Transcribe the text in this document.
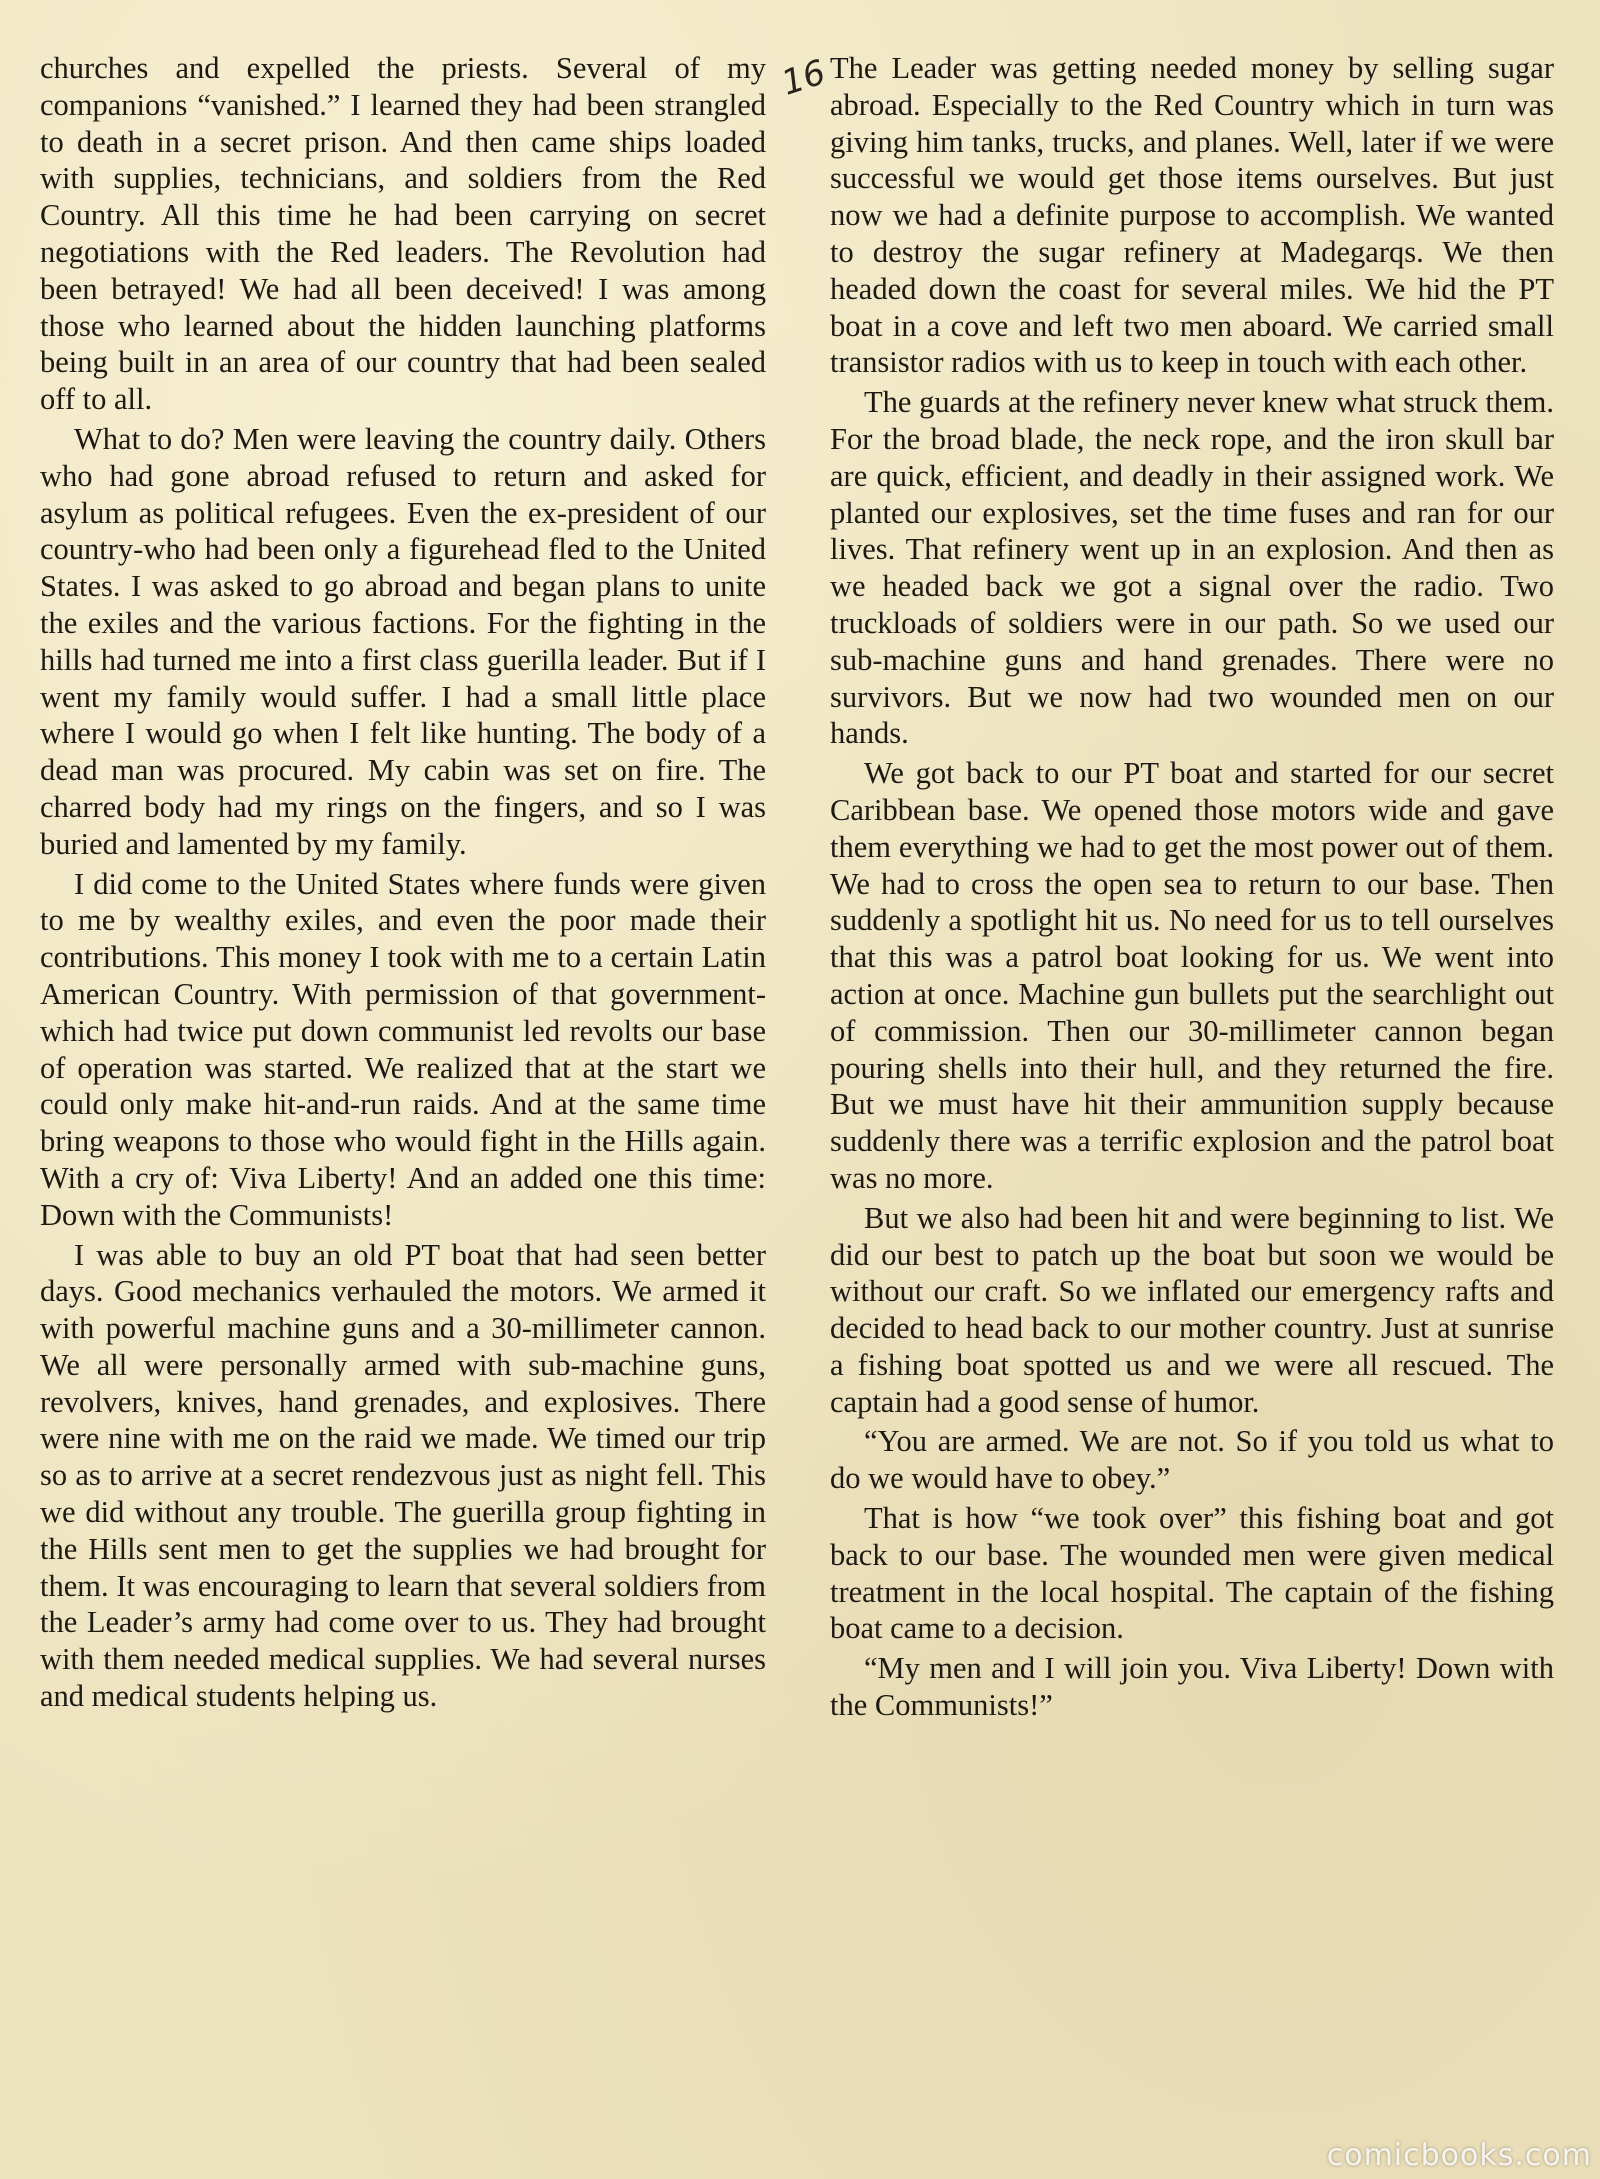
16

churches and expelled the priests. Several of my companions “vanished.” I learned they had been strangled to death in a secret prison. And then came ships loaded with supplies, technicians, and soldiers from the Red Country. All this time he had been carrying on secret negotiations with the Red leaders. The Revolution had been betrayed! We had all been deceived! I was among those who learned about the hidden launching platforms being built in an area of our country that had been sealed off to all.

What to do? Men were leaving the country daily. Others who had gone abroad refused to return and asked for asylum as political refugees. Even the ex-president of our country-who had been only a figurehead fled to the United States. I was asked to go abroad and began plans to unite the exiles and the various factions. For the fighting in the hills had turned me into a first class guerilla leader. But if I went my family would suffer. I had a small little place where I would go when I felt like hunting. The body of a dead man was procured. My cabin was set on fire. The charred body had my rings on the fingers, and so I was buried and lamented by my family.

I did come to the United States where funds were given to me by wealthy exiles, and even the poor made their contributions. This money I took with me to a certain Latin American Country. With permission of that government-which had twice put down communist led revolts our base of operation was started. We realized that at the start we could only make hit-and-run raids. And at the same time bring weapons to those who would fight in the Hills again. With a cry of: Viva Liberty! And an added one this time: Down with the Communists!

I was able to buy an old PT boat that had seen better days. Good mechanics verhauled the motors. We armed it with powerful machine guns and a 30-millimeter cannon. We all were personally armed with sub-machine guns, revolvers, knives, hand grenades, and explosives. There were nine with me on the raid we made. We timed our trip so as to arrive at a secret rendezvous just as night fell. This we did without any trouble. The guerilla group fighting in the Hills sent men to get the supplies we had brought for them. It was encouraging to learn that several soldiers from the Leader’s army had come over to us. They had brought with them needed medical supplies. We had several nurses and medical students helping us.

The Leader was getting needed money by selling sugar abroad. Especially to the Red Country which in turn was giving him tanks, trucks, and planes. Well, later if we were successful we would get those items ourselves. But just now we had a definite purpose to accomplish. We wanted to destroy the sugar refinery at Madegarqs. We then headed down the coast for several miles. We hid the PT boat in a cove and left two men aboard. We carried small transistor radios with us to keep in touch with each other.

The guards at the refinery never knew what struck them. For the broad blade, the neck rope, and the iron skull bar are quick, efficient, and deadly in their assigned work. We planted our explosives, set the time fuses and ran for our lives. That refinery went up in an explosion. And then as we headed back we got a signal over the radio. Two truckloads of soldiers were in our path. So we used our sub-machine guns and hand grenades. There were no survivors. But we now had two wounded men on our hands.

We got back to our PT boat and started for our secret Caribbean base. We opened those motors wide and gave them everything we had to get the most power out of them. We had to cross the open sea to return to our base. Then suddenly a spotlight hit us. No need for us to tell ourselves that this was a patrol boat looking for us. We went into action at once. Machine gun bullets put the searchlight out of commission. Then our 30-millimeter cannon began pouring shells into their hull, and they returned the fire. But we must have hit their ammunition supply because suddenly there was a terrific explosion and the patrol boat was no more.

But we also had been hit and were beginning to list. We did our best to patch up the boat but soon we would be without our craft. So we inflated our emergency rafts and decided to head back to our mother country. Just at sunrise a fishing boat spotted us and we were all rescued. The captain had a good sense of humor.

“You are armed. We are not. So if you told us what to do we would have to obey.”

That is how “we took over” this fishing boat and got back to our base. The wounded men were given medical treatment in the local hospital. The captain of the fishing boat came to a decision.

“My men and I will join you. Viva Liberty! Down with the Communists!”

comicbooks.com
